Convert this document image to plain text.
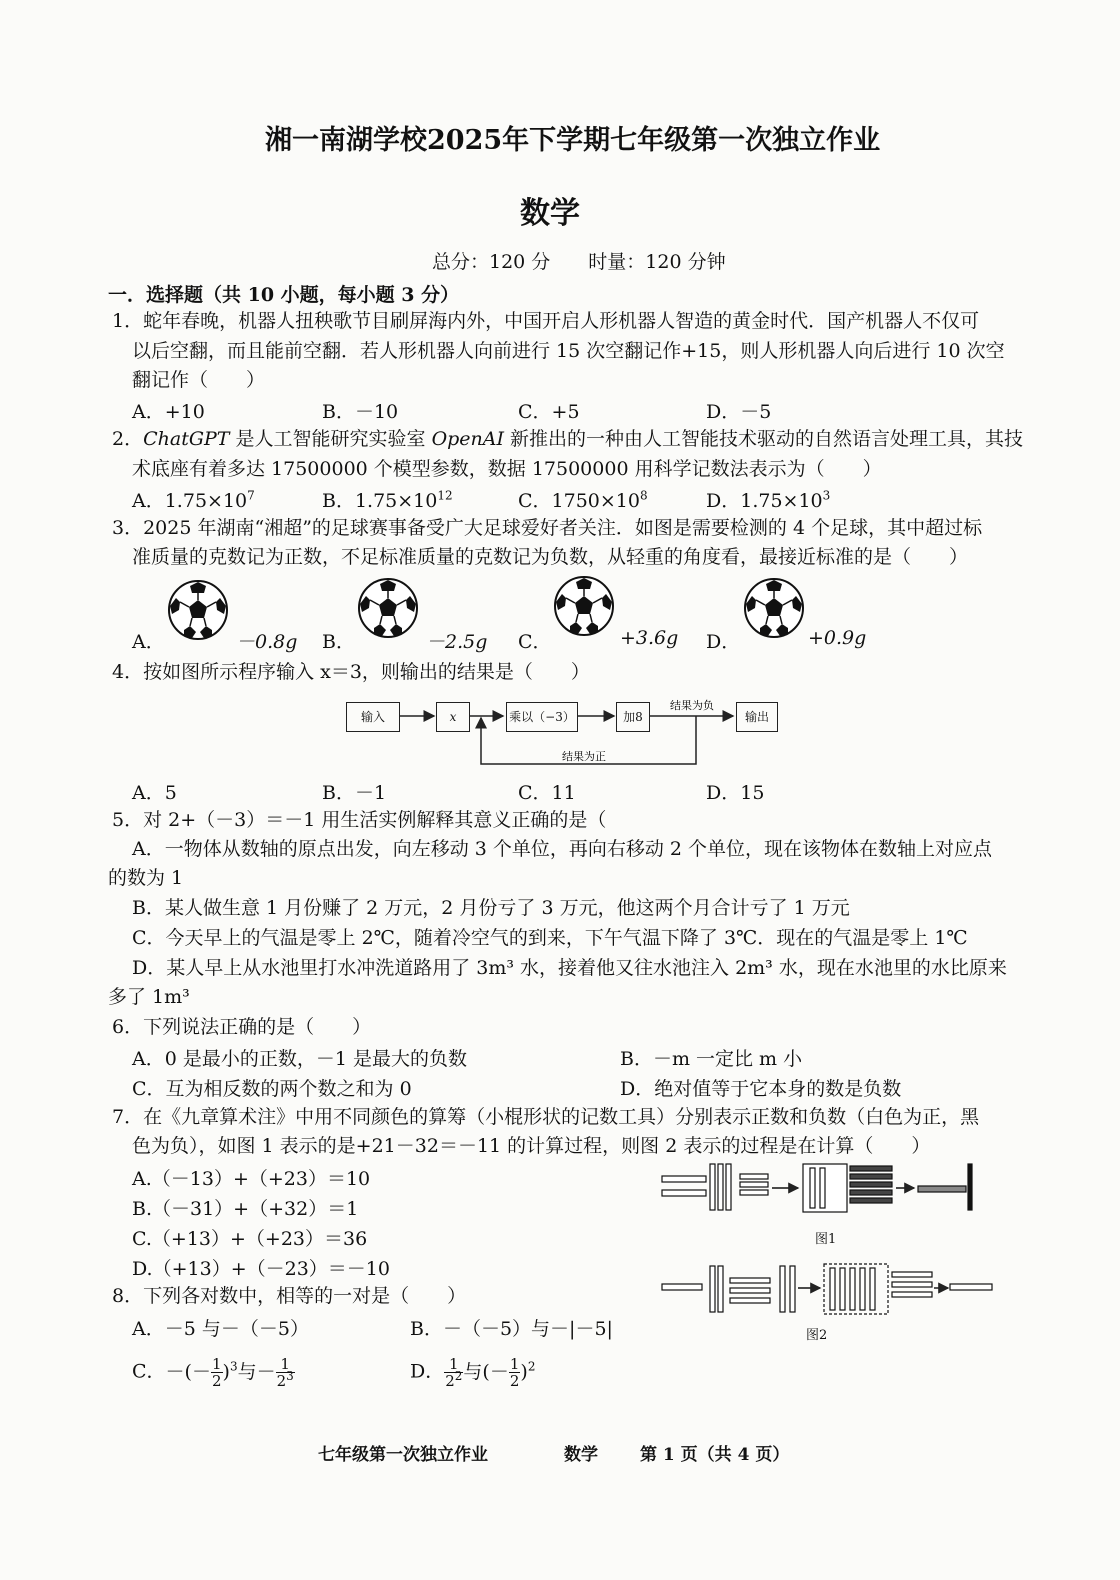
湘一南湖学校2025年下学期七年级第一次独立作业
数学
总分：120 分　　时量：120 分钟
一．选择题（共 10 小题，每小题 3 分）
1．蛇年春晚，机器人扭秧歌节目刷屏海内外，中国开启人形机器人智造的黄金时代．国产机器人不仅可
以后空翻，而且能前空翻．若人形机器人向前进行 15 次空翻记作+15，则人形机器人向后进行 10 次空
翻记作（　　）
A．+10	B．－10	C．+5	D．－5
2．ChatGPT 是人工智能研究实验室 OpenAI 新推出的一种由人工智能技术驱动的自然语言处理工具，其技
术底座有着多达 17500000 个模型参数，数据 17500000 用科学记数法表示为（　　）
A．$1.75\times 10^7$	B．$1.75\times 10^{12}$	C．$1750\times 10^8$	D．$1.75\times 10^3$
3．2025 年湖南“湘超”的足球赛事备受广大足球爱好者关注．如图是需要检测的 4 个足球，其中超过标
准质量的克数记为正数，不足标准质量的克数记为负数，从轻重的角度看，最接近标准的是（　　）
A．	－0.8g B．	－2.5g C．	+3.6g D．	+0.9g
4．按如图所示程序输入 x＝3，则输出的结果是（　　）
结果为负
结果为正
输入	x	乘以（−3）	加8	输出
A．5	B．－1	C．11	D．15
5．对 2+（－3）＝－1 用生活实例解释其意义正确的是（
A．一物体从数轴的原点出发，向左移动 3 个单位，再向右移动 2 个单位，现在该物体在数轴上对应点
的数为 1
B．某人做生意 1 月份赚了 2 万元，2 月份亏了 3 万元，他这两个月合计亏了 1 万元
C．今天早上的气温是零上 2℃，随着冷空气的到来，下午气温下降了 3℃．现在的气温是零上 1℃
D．某人早上从水池里打水冲洗道路用了 3m³ 水，接着他又往水池注入 2m³ 水，现在水池里的水比原来
多了 1m³
6．下列说法正确的是（　　）
A．0 是最小的正数，－1 是最大的负数	B．－m 一定比 m 小
C．互为相反数的两个数之和为 0	D．绝对值等于它本身的数是负数
7．在《九章算术注》中用不同颜色的算筹（小棍形状的记数工具）分别表示正数和负数（白色为正，黑
色为负），如图 1 表示的是+21－32＝－11 的计算过程，则图 2 表示的过程是在计算（　　）
A.（－13）+（+23）＝10
B.（－31）+（+32）＝1
C.（+13）+（+23）＝36
D.（+13）+（－23）＝－10
图1
图2
8．下列各对数中，相等的一对是（　　）
A．－5 与－（－5）	B．－（－5）与－|－5|
C．－(－ $\frac{1}{2} )^3$与－ $\frac{1}{2^3}$	D． $\frac{1}{2^2}$ 与(－ $\frac{1}{2} )^2$
七年级第一次独立作业	数学 第 1 页（共 4 页）
